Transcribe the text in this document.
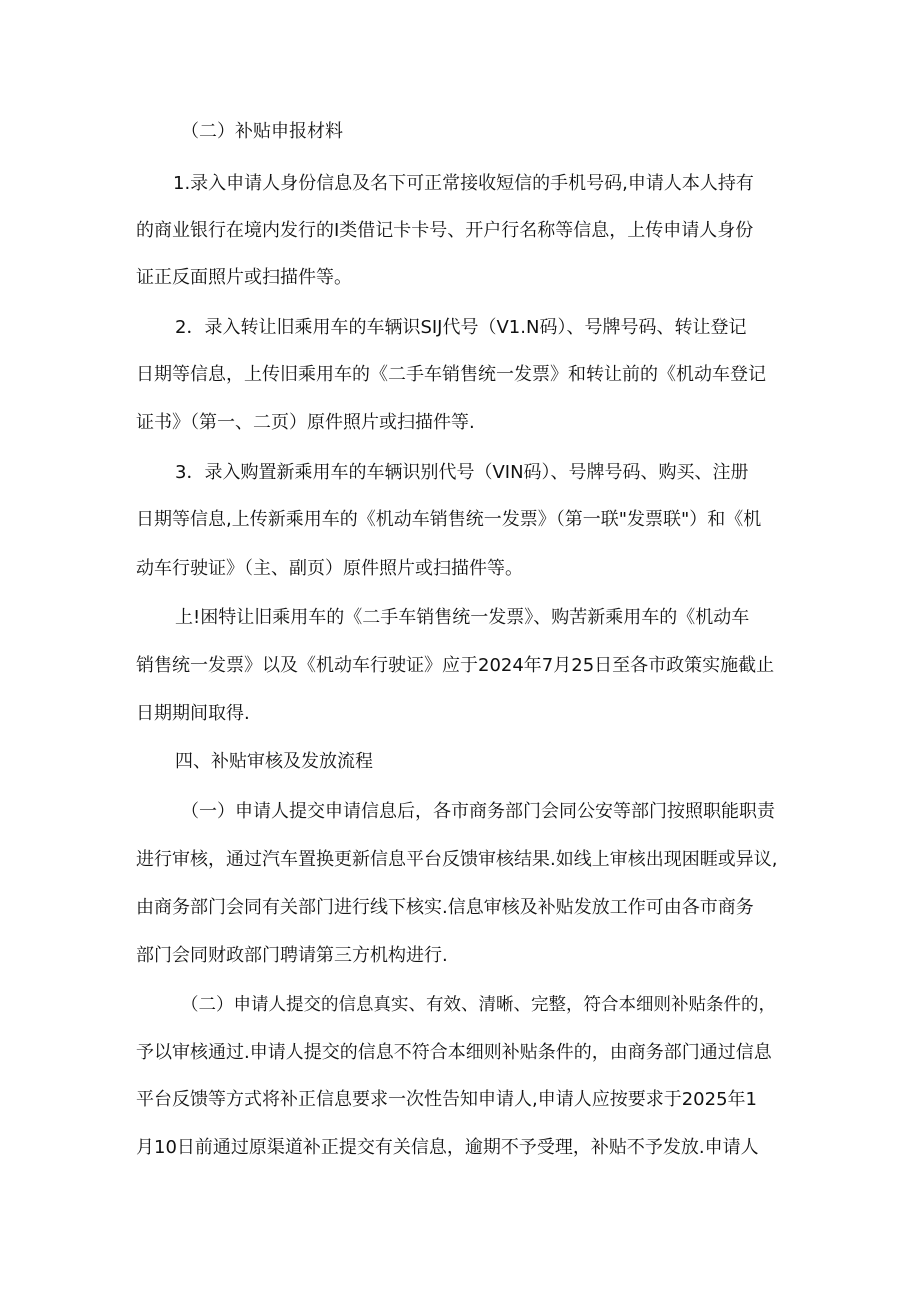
（二）补贴申报材料

1.录入申请人身份信息及名下可正常接收短信的手机号码,申请人本人持有

的商业银行在境内发行的I类借记卡卡号、开户行名称等信息，上传申请人身份

证正反面照片或扫描件等。

2．录入转让旧乘用车的车辆识SIJ代号（V1.N码）、号牌号码、转让登记

日期等信息，上传旧乘用车的《二手车销售统一发票》和转让前的《机动车登记

证书》（第一、二页）原件照片或扫描件等.

3．录入购置新乘用车的车辆识别代号（VIN码）、号牌号码、购买、注册

日期等信息,上传新乘用车的《机动车销售统一发票》（第一联"发票联"）和《机

动车行驶证》（主、副页）原件照片或扫描件等。

上!困特让旧乘用车的《二手车销售统一发票》、购苦新乘用车的《机动车

销售统一发票》以及《机动车行驶证》应于2024年7月25日至各市政策实施截止

日期期间取得.

四、补贴审核及发放流程

（一）申请人提交申请信息后，各市商务部门会同公安等部门按照职能职责

进行审核，通过汽车置换更新信息平台反馈审核结果.如线上审核出现困睚或异议,

由商务部门会同有关部门进行线下核实.信息审核及补贴发放工作可由各市商务

部门会同财政部门聘请第三方机构进行.

（二）申请人提交的信息真实、有效、清晰、完整，符合本细则补贴条件的，

予以审核通过.申请人提交的信息不符合本细则补贴条件的，由商务部门通过信息

平台反馈等方式将补正信息要求一次性告知申请人,申请人应按要求于2025年1

月10日前通过原渠道补正提交有关信息，逾期不予受理，补贴不予发放.申请人
